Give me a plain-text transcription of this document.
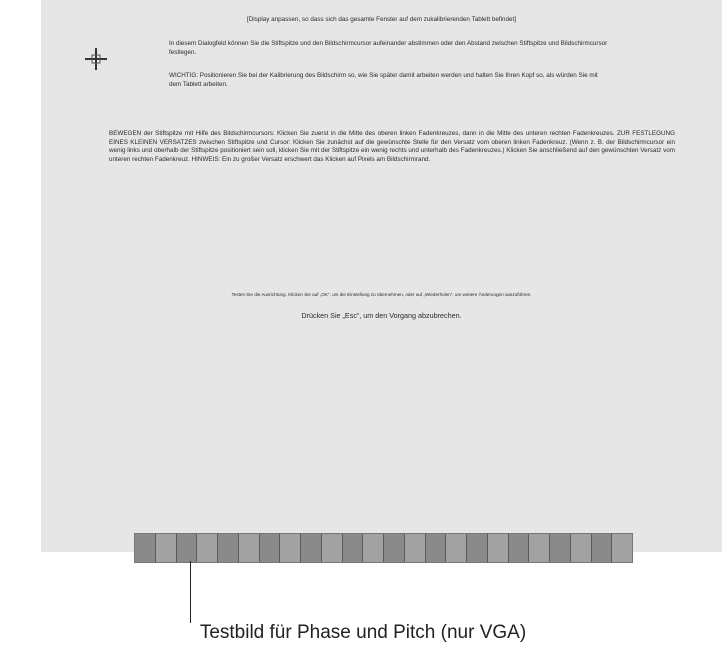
[Display anpassen, so dass sich das gesamte Fenster auf dem zukalibrierenden Tablett befindet]

In diesem Dialogfeld können Sie die Stiftspitze und den Bildschirmcursor aufeinander abstimmen oder den Abstand zwischen Stiftspitze und Bildschirmcursor festlegen.

WICHTIG: Positionieren Sie bei der Kalibrierung des Bildschirm so, wie Sie später damit arbeiten werden und halten Sie Ihren Kopf so, als würden Sie mit dem Tablett arbeiten.

BEWEGEN der Stiftspitze mit Hilfe des Bildschirmcursors: Klicken Sie zuerst in die Mitte des oberen linken Fadenkreuzes, dann in die Mitte des unteren rechten Fadenkreuzes. ZUR FESTLEGUNG EINES KLEINEN VERSATZES zwischen Stiftspitze und Cursor: Klicken Sie zunächst auf die gewünschte Stelle für den Versatz vom oberen linken Fadenkreuz. (Wenn z. B. der Bildschirmcursor ein wenig links und oberhalb der Stiftspitze positioniert sein soll, klicken Sie mit der Stiftspitze ein wenig rechts und unterhalb des Fadenkreuzes.) Klicken Sie anschließend auf den gewünschten Versatz vom unteren rechten Fadenkreuz. HINWEIS: Ein zu großer Versatz erschwert das Klicken auf Pixels am Bildschirmrand.

Testen Sie die Ausrichtung. Klicken Sie auf „OK“, um die Einstellung zu übernehmen, oder auf „Wiederholen“, um weitere Änderungen auszuführen.

Drücken Sie „Esc“, um den Vorgang abzubrechen.

Testbild für Phase und Pitch (nur VGA)
